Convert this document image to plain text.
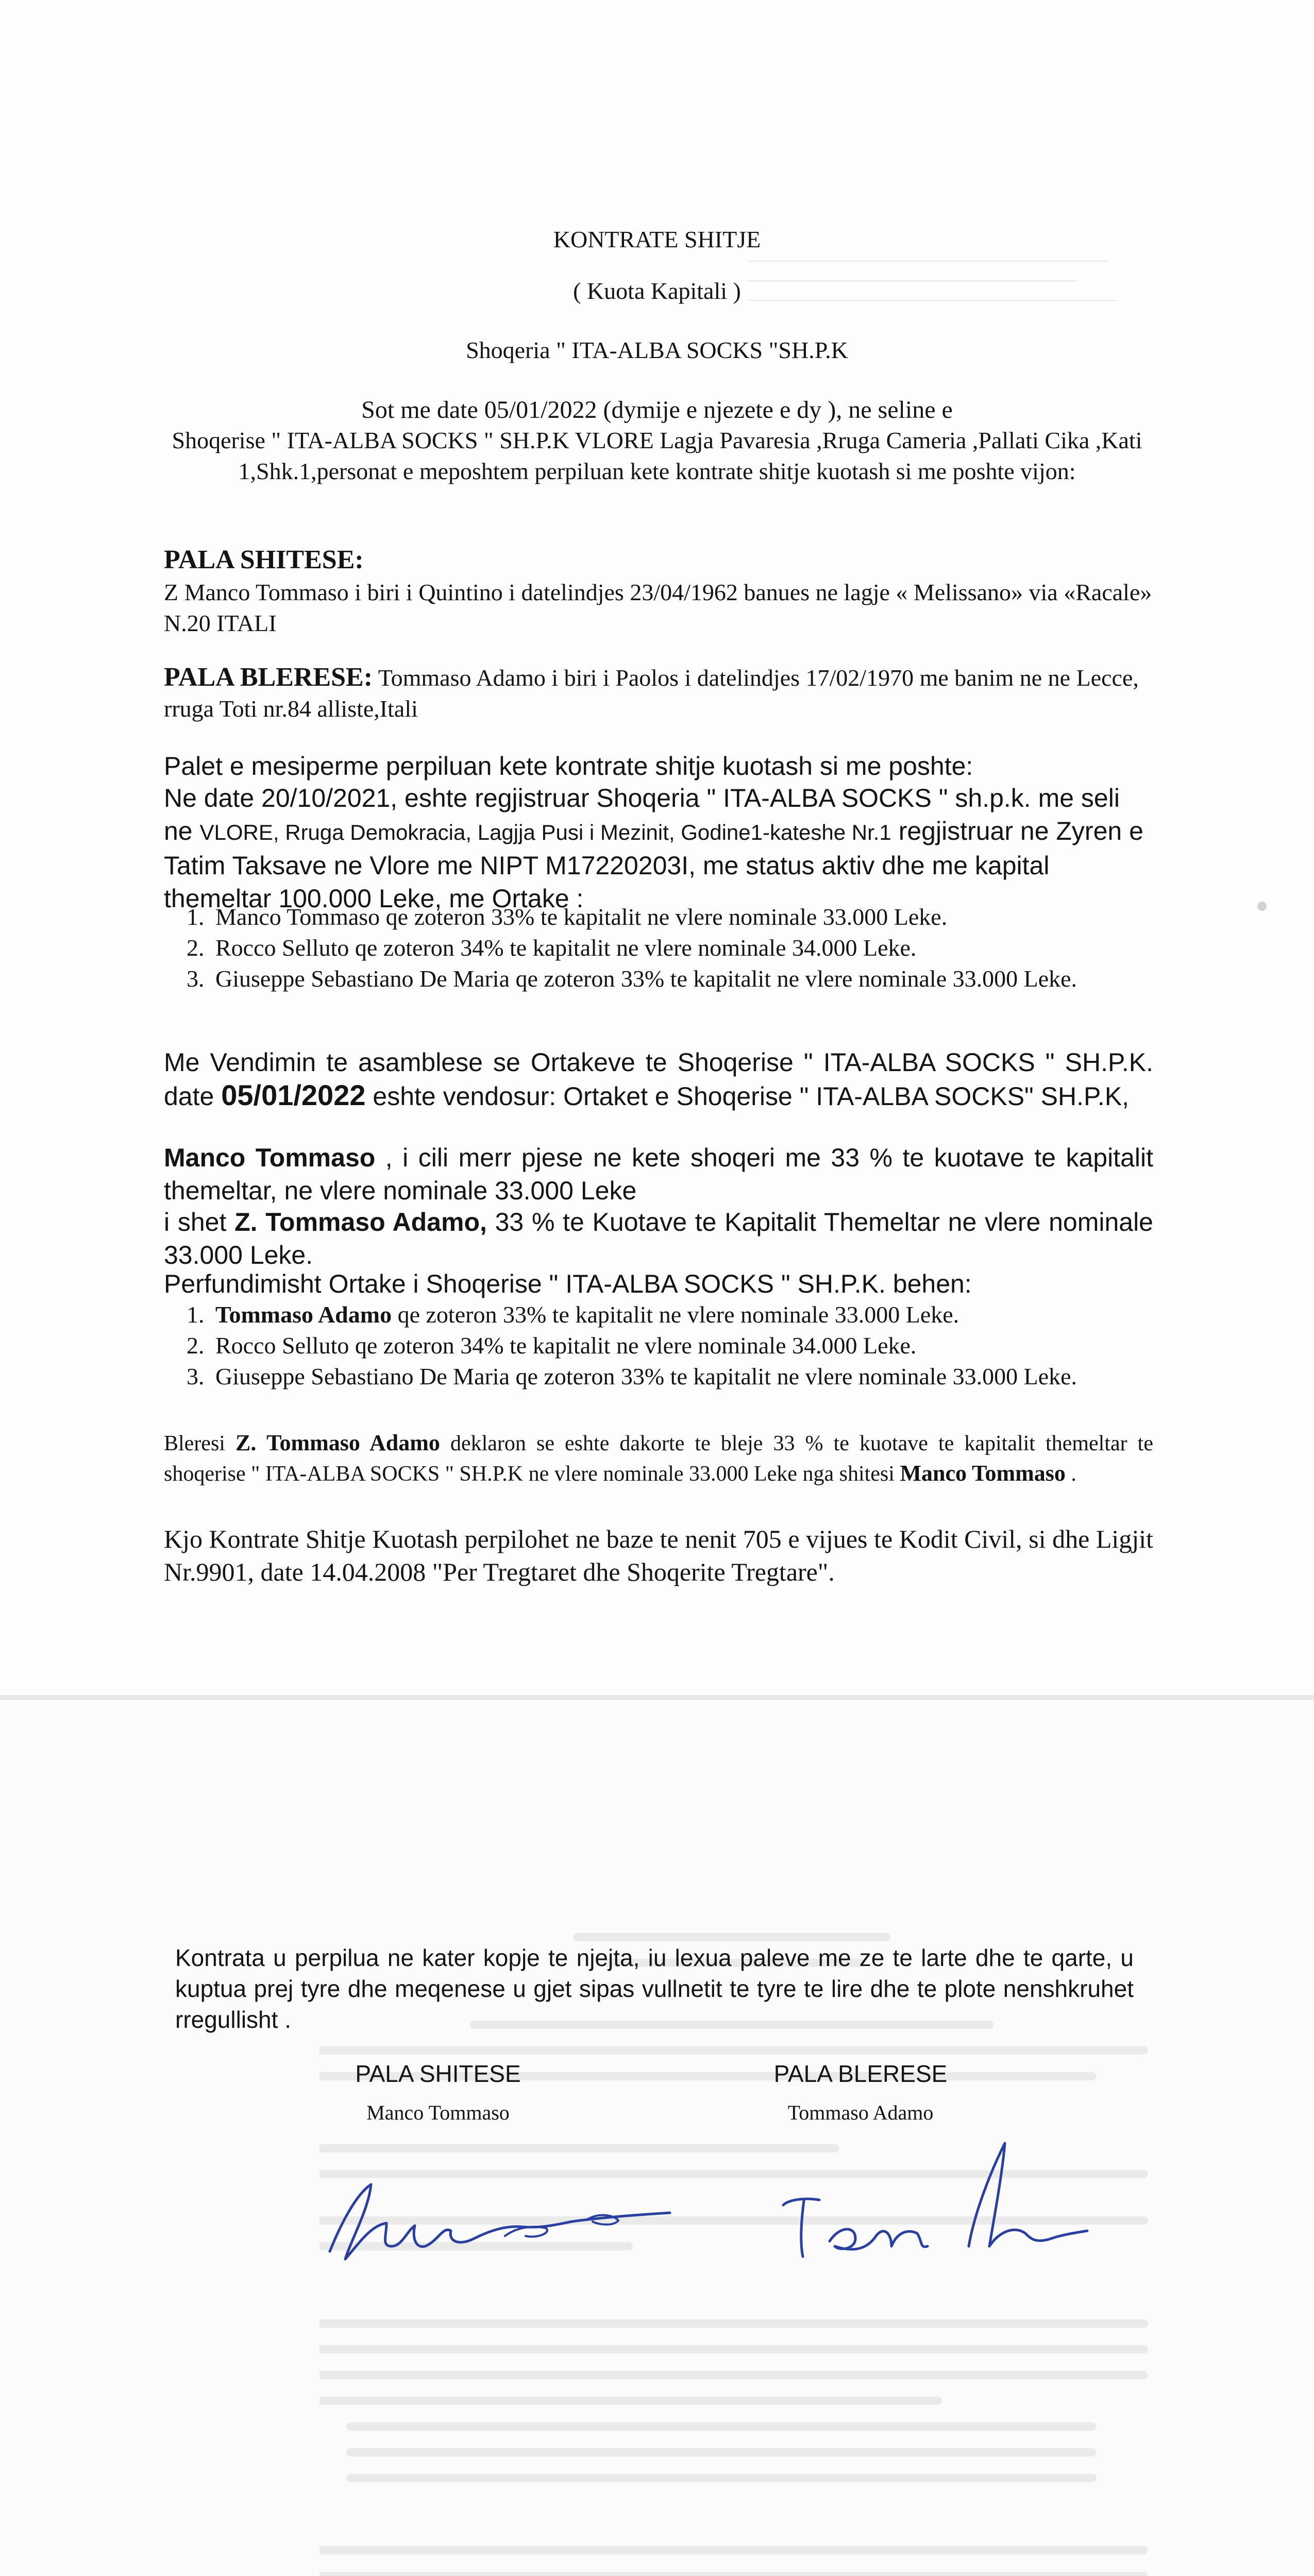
KONTRATE SHITJE
( Kuota Kapitali )
Shoqeria " ITA-ALBA SOCKS "SH.P.K
Sot me date 05/01/2022 (dymije e njezete e dy ), ne seline e
Shoqerise " ITA-ALBA SOCKS " SH.P.K VLORE Lagja Pavaresia ,Rruga Cameria ,Pallati Cika ,Kati 1,Shk.1,personat e meposhtem perpiluan kete kontrate shitje kuotash si me poshte vijon:
PALA SHITESE:
Z Manco Tommaso i biri i Quintino i datelindjes 23/04/1962 banues ne lagje « Melissano» via «Racale» N.20 ITALI
PALA BLERESE: Tommaso Adamo i biri i Paolos i datelindjes 17/02/1970 me banim ne ne Lecce, rruga Toti nr.84 alliste,Itali
Palet e mesiperme perpiluan kete kontrate shitje kuotash si me poshte:
Ne date 20/10/2021, eshte regjistruar Shoqeria " ITA-ALBA SOCKS " sh.p.k. me seli ne VLORE, Rruga Demokracia, Lagjja Pusi i Mezinit, Godine1-kateshe Nr.1 regjistruar ne Zyren e Tatim Taksave ne Vlore me NIPT M17220203I, me status aktiv dhe me kapital themeltar 100.000 Leke, me Ortake :
1. Manco Tommaso qe zoteron 33% te kapitalit ne vlere nominale 33.000 Leke.
2. Rocco Selluto qe zoteron 34% te kapitalit ne vlere nominale 34.000 Leke.
3. Giuseppe Sebastiano De Maria qe zoteron 33% te kapitalit ne vlere nominale 33.000 Leke.
Me Vendimin te asamblese se Ortakeve te Shoqerise " ITA-ALBA SOCKS " SH.P.K. date 05/01/2022 eshte vendosur: Ortaket e Shoqerise " ITA-ALBA SOCKS" SH.P.K,
Manco Tommaso , i cili merr pjese ne kete shoqeri me 33 % te kuotave te kapitalit themeltar, ne vlere nominale 33.000 Leke
i shet Z. Tommaso Adamo, 33 % te Kuotave te Kapitalit Themeltar ne vlere nominale 33.000 Leke.
Perfundimisht Ortake i Shoqerise " ITA-ALBA SOCKS " SH.P.K. behen:
1. Tommaso Adamo qe zoteron 33% te kapitalit ne vlere nominale 33.000 Leke.
2. Rocco Selluto qe zoteron 34% te kapitalit ne vlere nominale 34.000 Leke.
3. Giuseppe Sebastiano De Maria qe zoteron 33% te kapitalit ne vlere nominale 33.000 Leke.
Bleresi Z. Tommaso Adamo deklaron se eshte dakorte te bleje 33 % te kuotave te kapitalit themeltar te shoqerise " ITA-ALBA SOCKS " SH.P.K ne vlere nominale 33.000 Leke nga shitesi Manco Tommaso .
Kjo Kontrate Shitje Kuotash perpilohet ne baze te nenit 705 e vijues te Kodit Civil, si dhe Ligjit Nr.9901, date 14.04.2008 "Per Tregtaret dhe Shoqerite Tregtare".
Kontrata u perpilua ne kater kopje te njejta, iu lexua paleve me ze te larte dhe te qarte, u kuptua prej tyre dhe meqenese u gjet sipas vullnetit te tyre te lire dhe te plote nenshkruhet rregullisht .
PALA SHITESE
Manco Tommaso
PALA BLERESE
Tommaso Adamo
